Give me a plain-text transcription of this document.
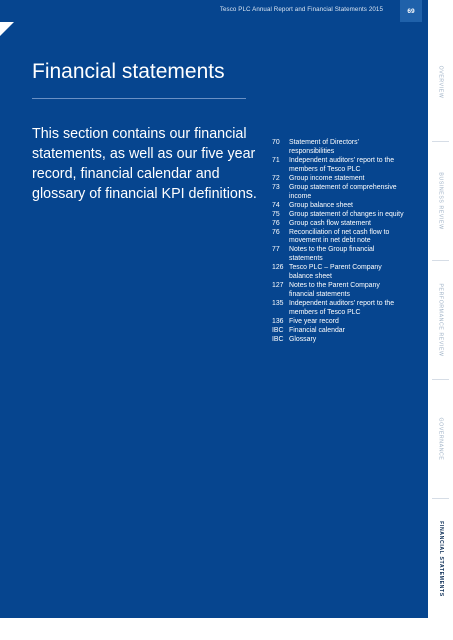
Tesco PLC Annual Report and Financial Statements 2015	69
Financial statements

This section contains our financial statements, as well as our five year record, financial calendar and glossary of financial KPI definitions.

70	Statement of Directors’ responsibilities
71	Independent auditors’ report to the members of Tesco PLC
72	Group income statement
73	Group statement of comprehensive income
74	Group balance sheet
75	Group statement of changes in equity
76	Group cash flow statement
76	Reconciliation of net cash flow to movement in net debt note
77	Notes to the Group financial statements
126 Tesco PLC – Parent Company balance sheet
127 Notes to the Parent Company financial statements
135 Independent auditors’ report to the members of Tesco PLC
136 Five year record
IBC Financial calendar
IBC Glossary
OVERVIEW
BUSINESS REVIEW
PERFORMANCE REVIEW
GOVERNANCE
FINANCIAL STATEMENTS
